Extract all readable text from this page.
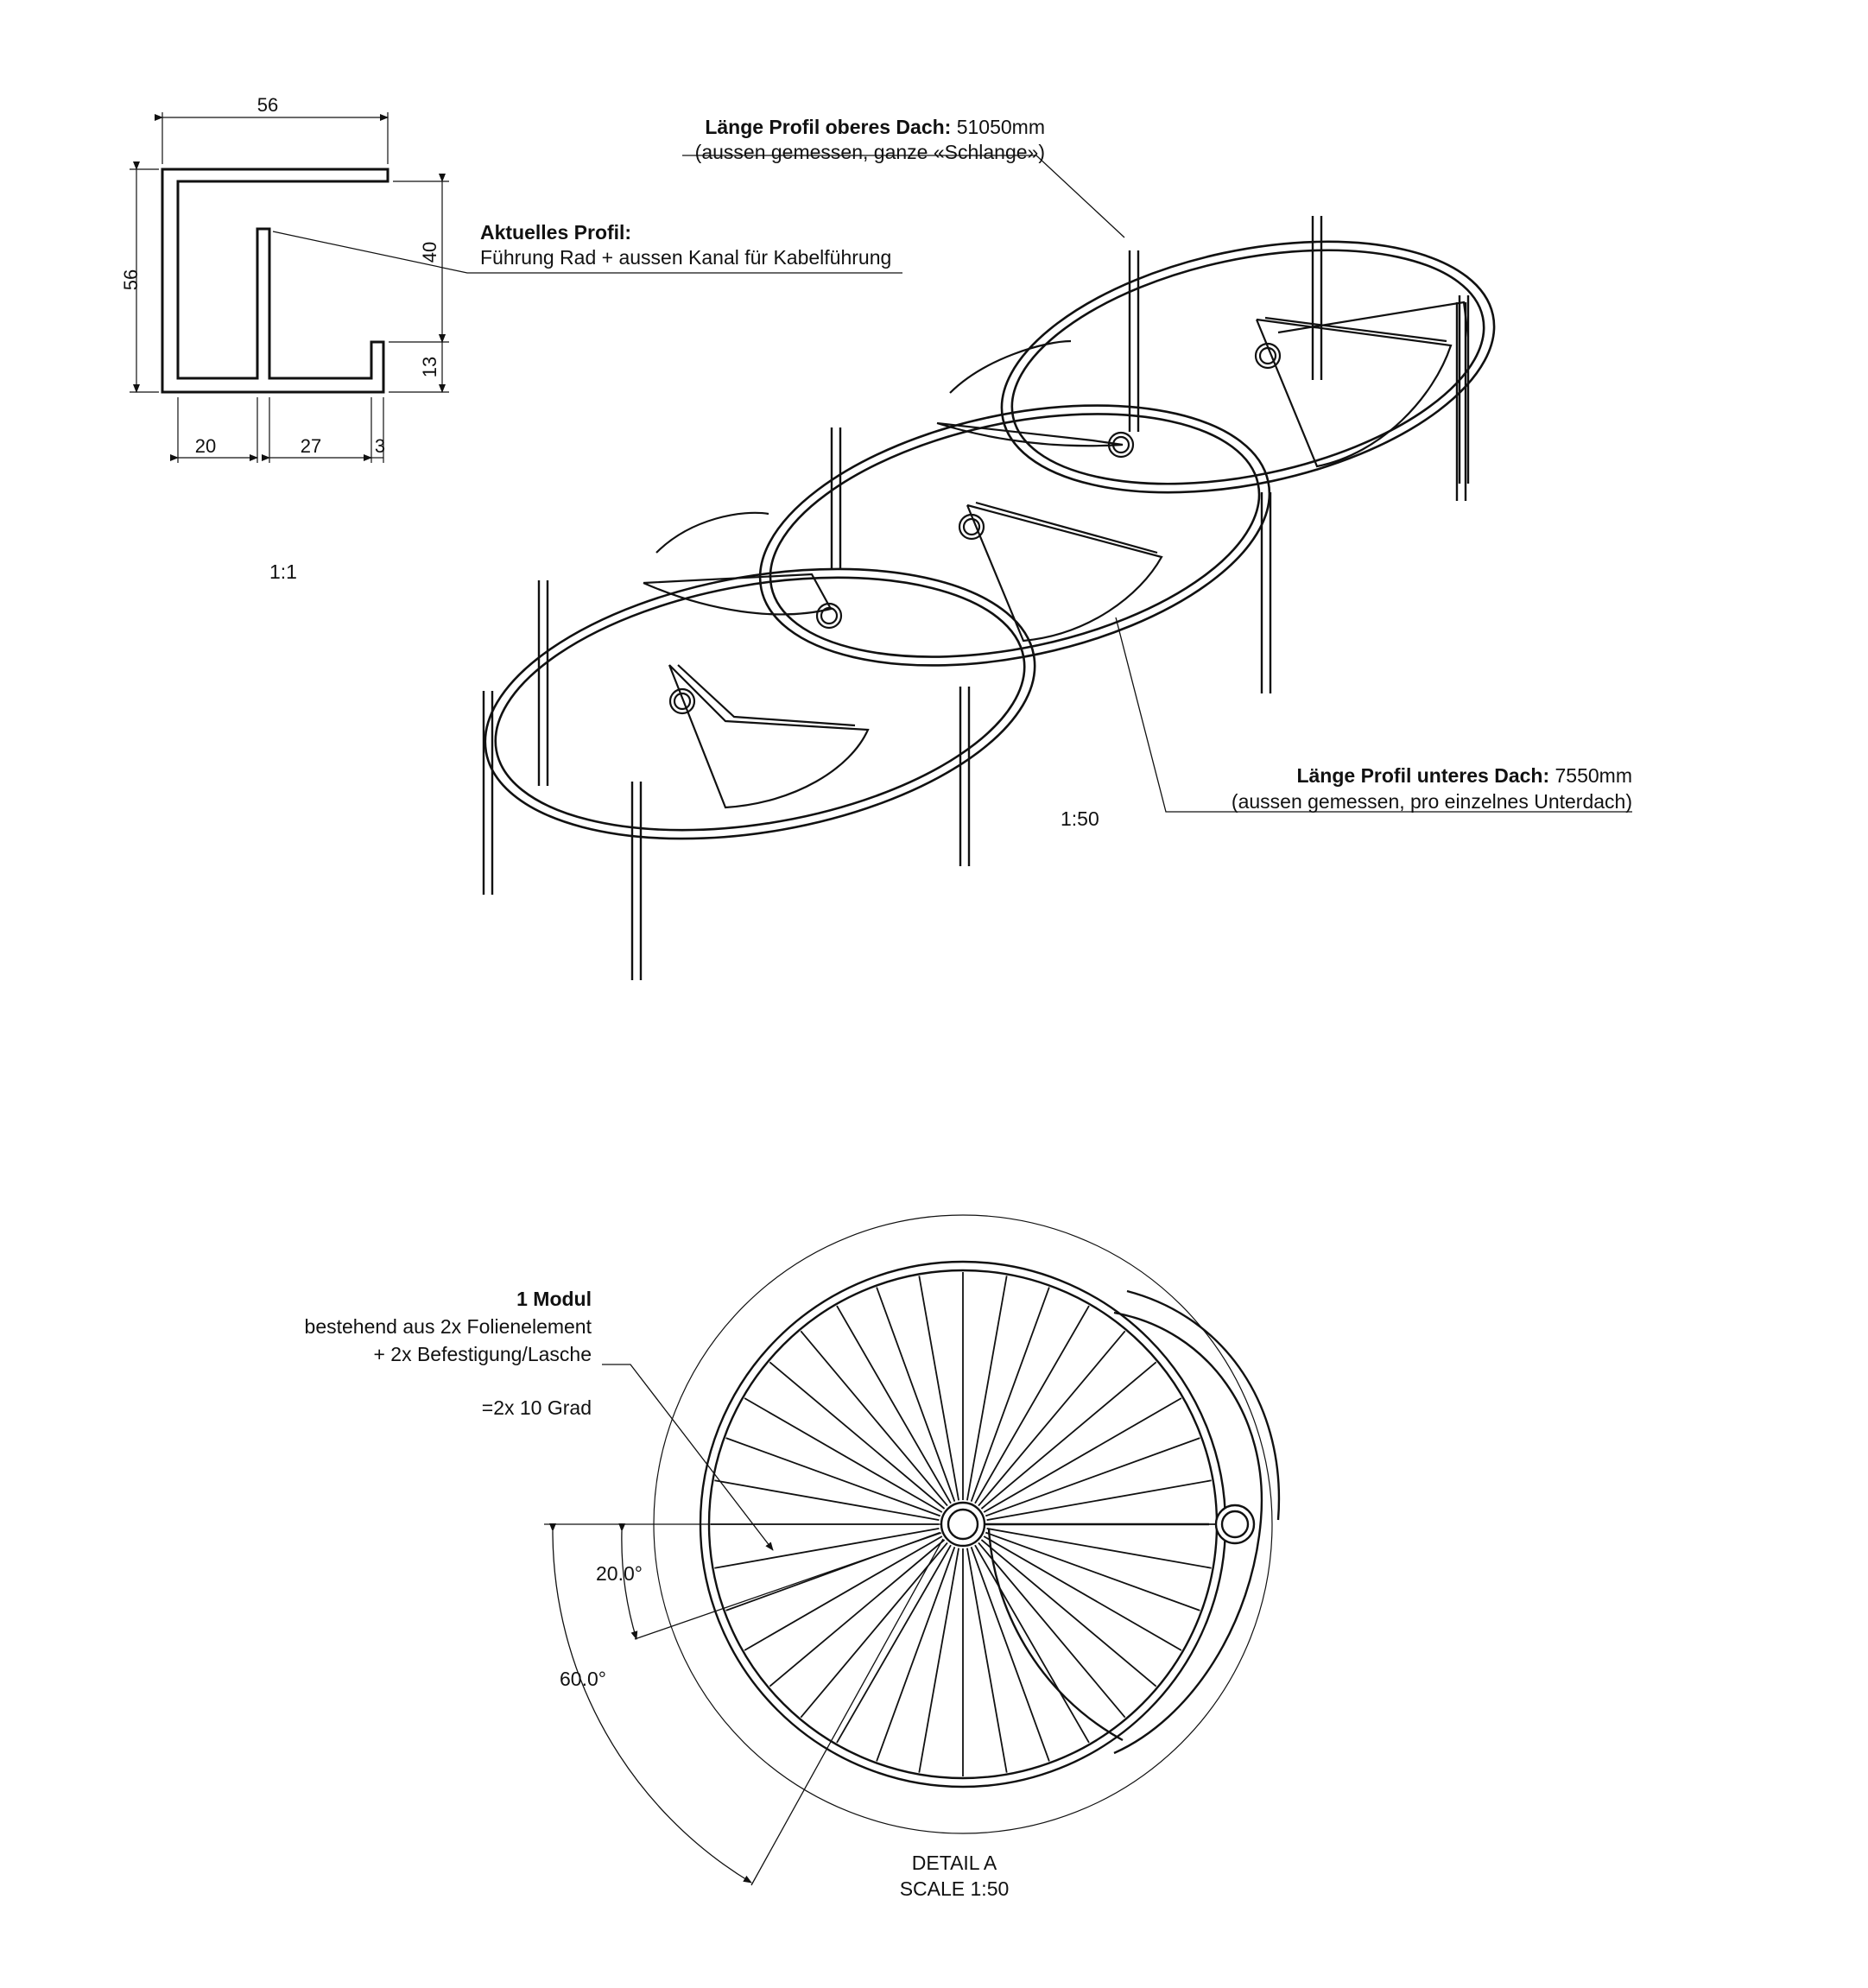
56
56
40
13
20	27	3
1:1
Aktuelles Profil:
Führung Rad + aussen Kanal für Kabelführung
Länge Profil oberes Dach: 51050mm
(aussen gemessen, ganze «Schlange»)
Länge Profil unteres Dach: 7550mm
(aussen gemessen, pro einzelnes Unterdach)
1:50
1 Modul
bestehend aus 2x Folienelement
+ 2x Befestigung/Lasche
=2x 10 Grad
20.0°
60.0°
DETAIL A
SCALE 1:50
